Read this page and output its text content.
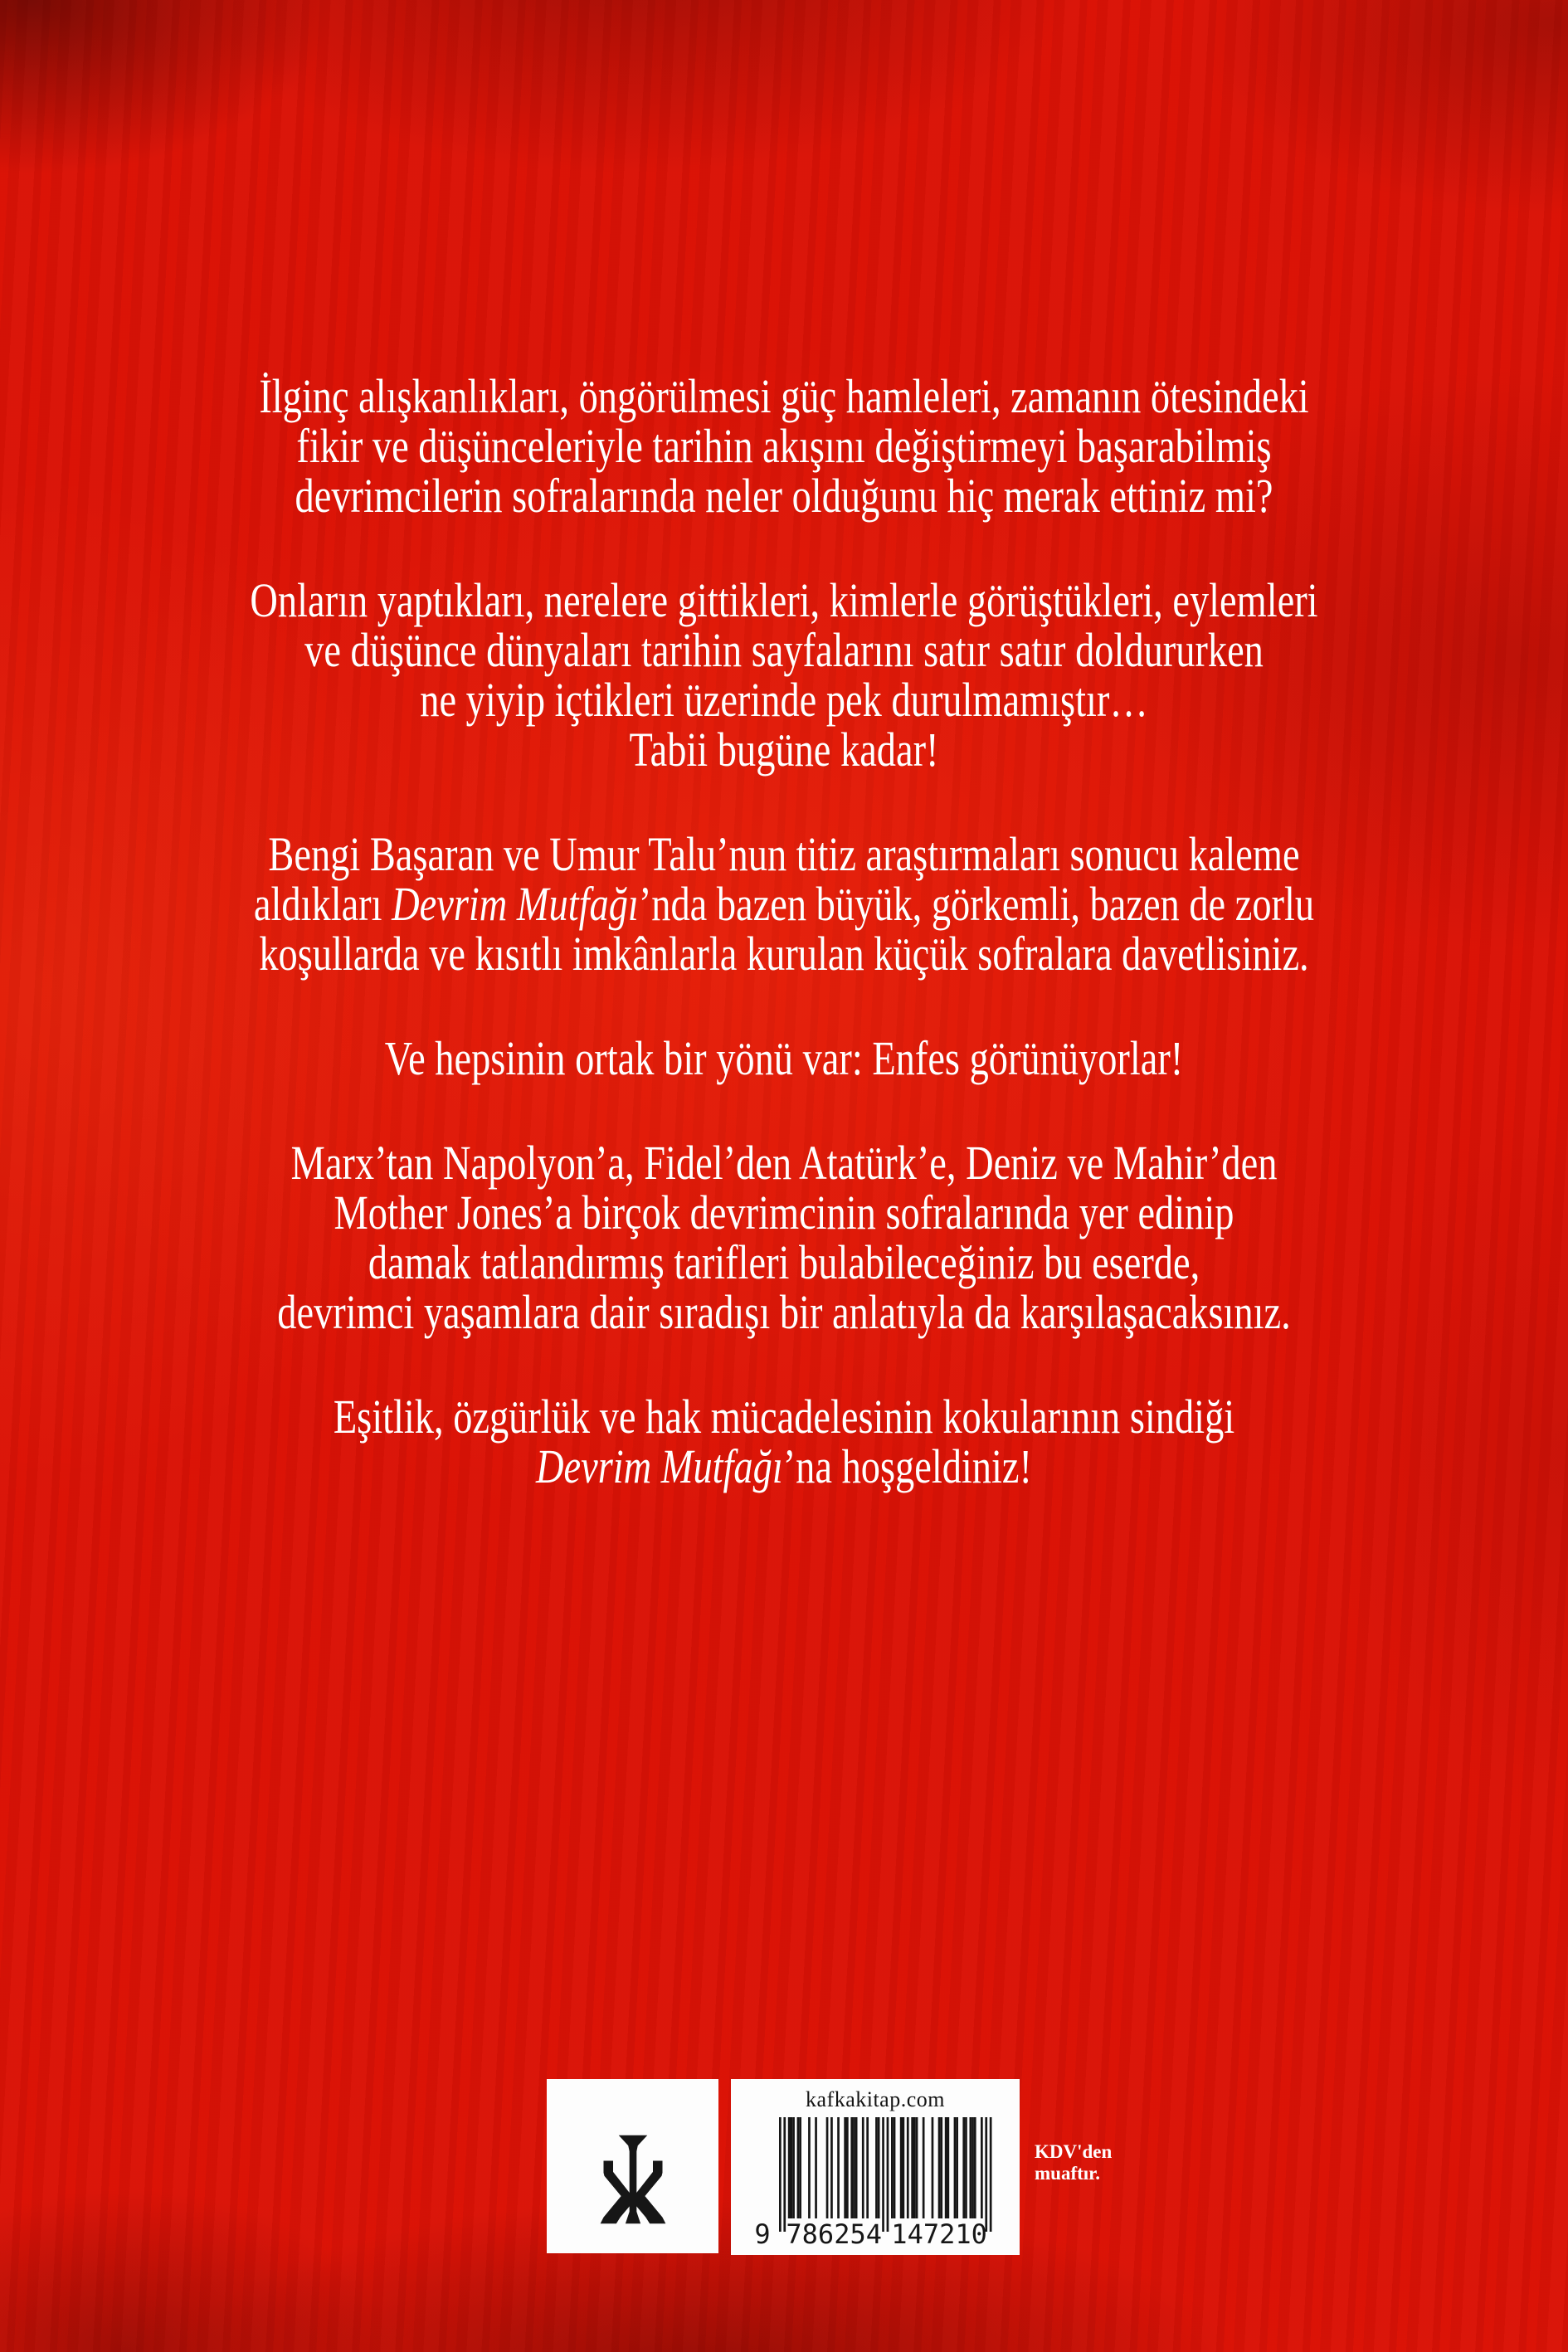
İlginç alışkanlıkları, öngörülmesi güç hamleleri, zamanın ötesindeki
fikir ve düşünceleriyle tarihin akışını değiştirmeyi başarabilmiş
devrimcilerin sofralarında neler olduğunu hiç merak ettiniz mi?
Onların yaptıkları, nerelere gittikleri, kimlerle görüştükleri, eylemleri
ve düşünce dünyaları tarihin sayfalarını satır satır doldururken
ne yiyip içtikleri üzerinde pek durulmamıştır…
Tabii bugüne kadar!
Bengi Başaran ve Umur Talu’nun titiz araştırmaları sonucu kaleme
aldıkları Devrim Mutfağı’nda bazen büyük, görkemli, bazen de zorlu
koşullarda ve kısıtlı imkânlarla kurulan küçük sofralara davetlisiniz.
Ve hepsinin ortak bir yönü var: Enfes görünüyorlar!
Marx’tan Napolyon’a, Fidel’den Atatürk’e, Deniz ve Mahir’den
Mother Jones’a birçok devrimcinin sofralarında yer edinip
damak tatlandırmış tarifleri bulabileceğiniz bu eserde,
devrimci yaşamlara dair sıradışı bir anlatıyla da karşılaşacaksınız.
Eşitlik, özgürlük ve hak mücadelesinin kokularının sindiği
Devrim Mutfağı’na hoşgeldiniz!
kafkakitap.com
9 786254 147210
KDV'den
muaftır.
